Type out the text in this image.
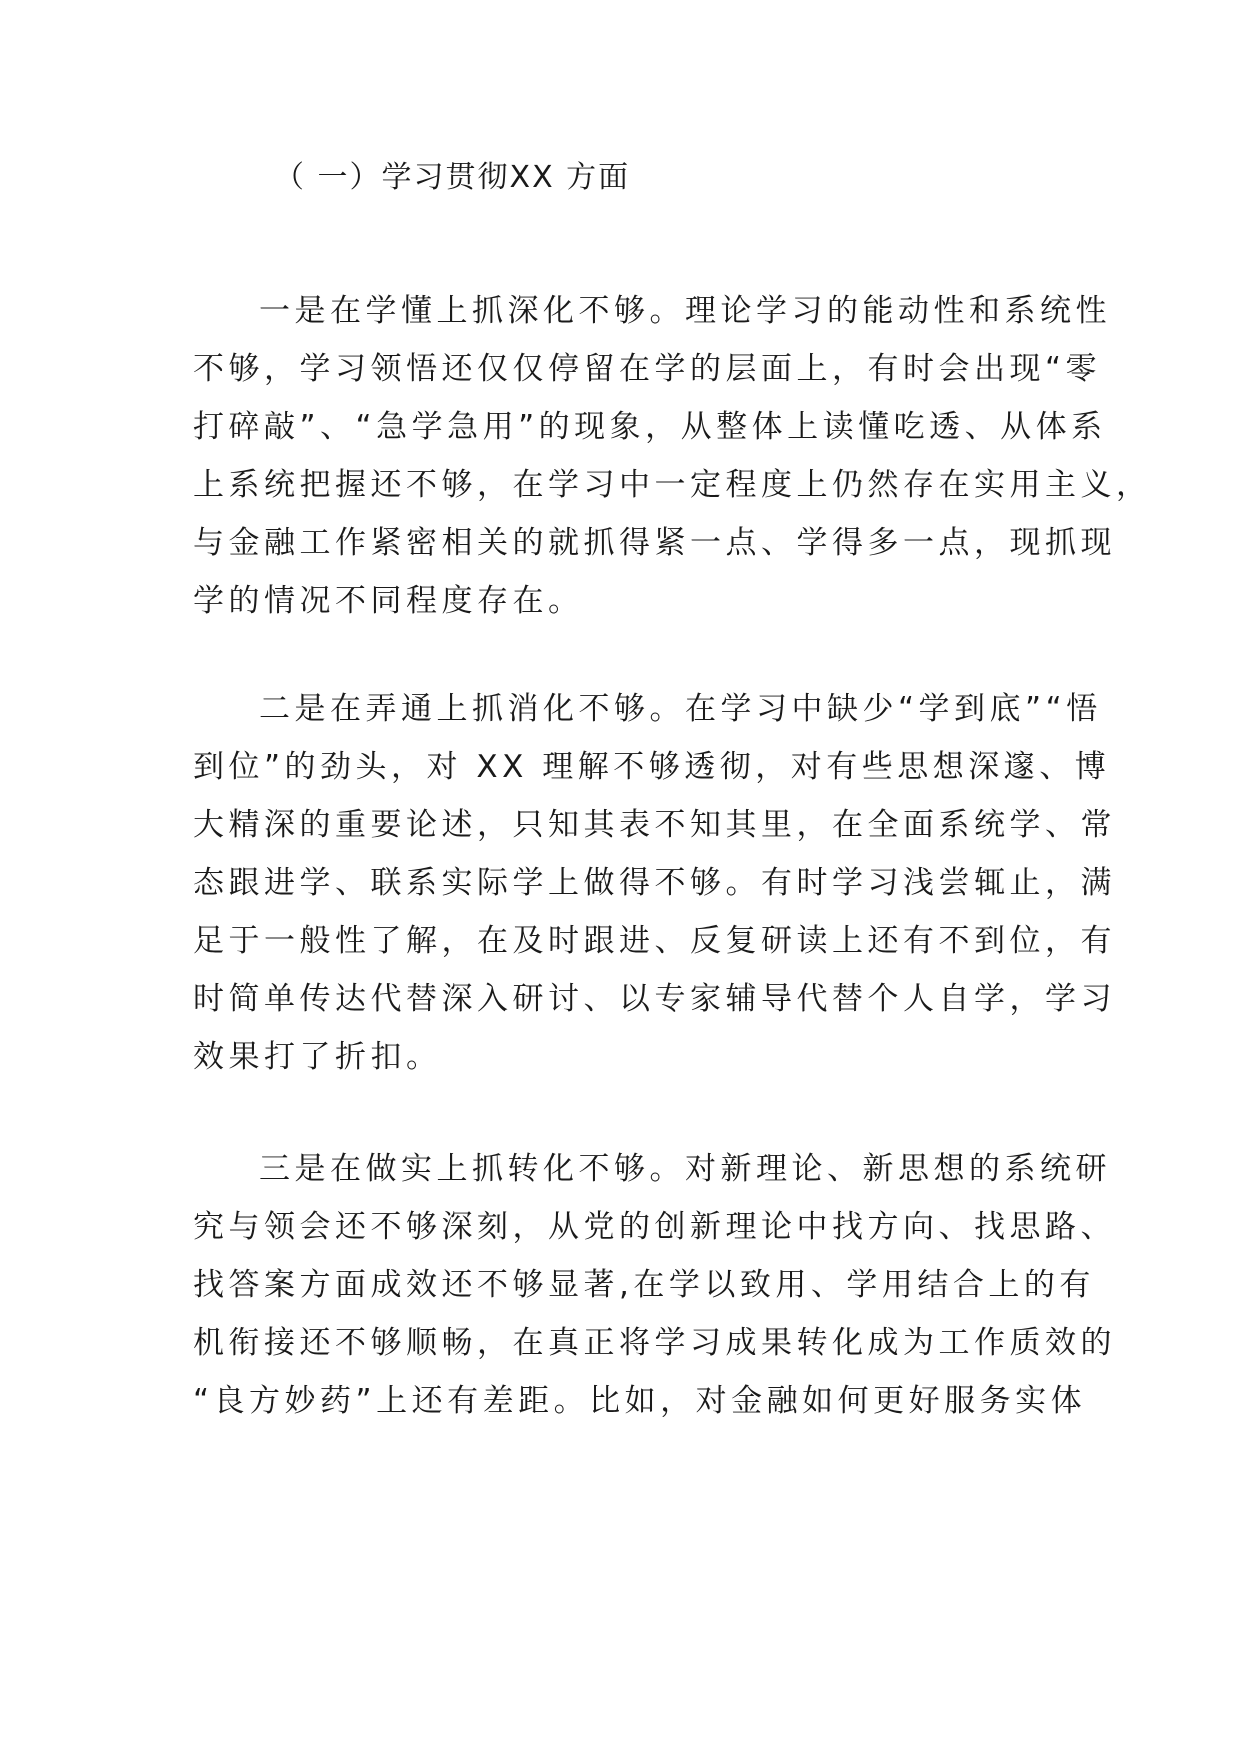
（ 一）学习贯彻XX 方面
一是在学懂上抓深化不够。理论学习的能动性和系统性
不够，学习领悟还仅仅停留在学的层面上，有时会出现“零
打碎敲”、“急学急用”的现象，从整体上读懂吃透、从体系
上系统把握还不够，在学习中一定程度上仍然存在实用主义，
与金融工作紧密相关的就抓得紧一点、学得多一点，现抓现
学的情况不同程度存在。
二是在弄通上抓消化不够。在学习中缺少“学到底”“悟
到位”的劲头，对 XX 理解不够透彻，对有些思想深邃、博
大精深的重要论述，只知其表不知其里，在全面系统学、常
态跟进学、联系实际学上做得不够。有时学习浅尝辄止，满
足于一般性了解，在及时跟进、反复研读上还有不到位，有
时简单传达代替深入研讨、以专家辅导代替个人自学，学习
效果打了折扣。
三是在做实上抓转化不够。对新理论、新思想的系统研
究与领会还不够深刻，从党的创新理论中找方向、找思路、
找答案方面成效还不够显著,在学以致用、学用结合上的有
机衔接还不够顺畅，在真正将学习成果转化成为工作质效的
“良方妙药”上还有差距。比如，对金融如何更好服务实体
